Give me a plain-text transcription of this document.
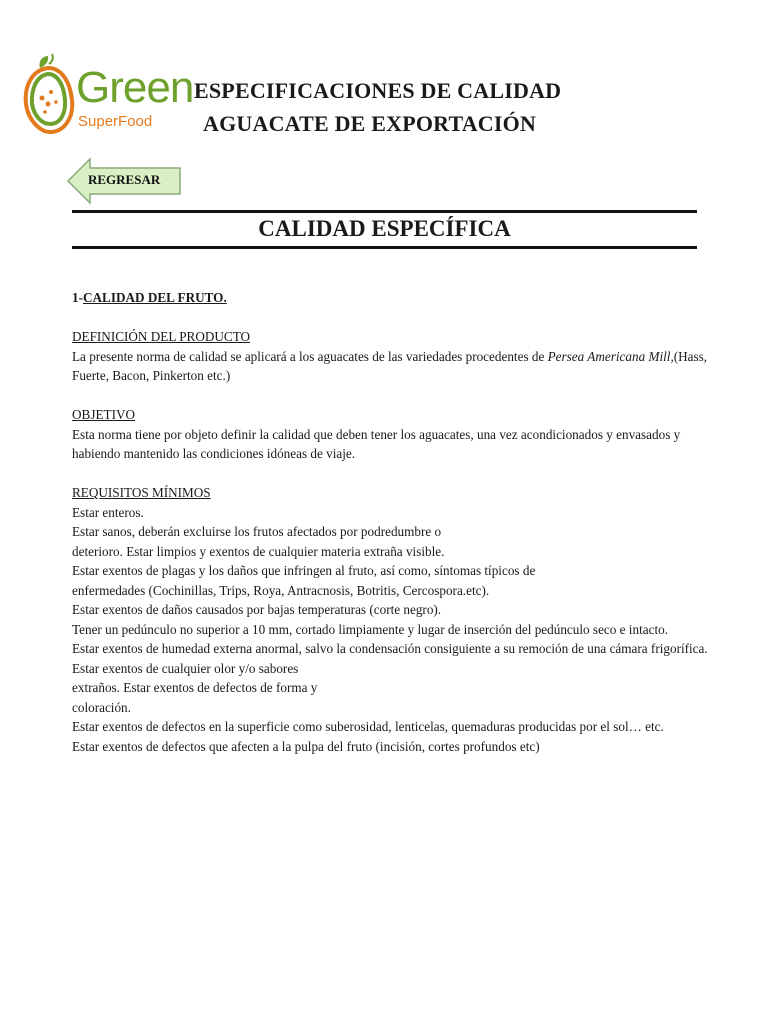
Green
SuperFood
ESPECIFICACIONES DE CALIDAD
AGUACATE DE EXPORTACIÓN
REGRESAR
CALIDAD ESPECÍFICA

1-CALIDAD DEL FRUTO.

DEFINICIÓN DEL PRODUCTO

La presente norma de calidad se aplicará a los aguacates de las variedades procedentes de Persea Americana Mill,(Hass, Fuerte, Bacon, Pinkerton etc.)

OBJETIVO

Esta norma tiene por objeto definir la calidad que deben tener los aguacates, una vez acondicionados y envasados y habiendo mantenido las condiciones idóneas de viaje.

REQUISITOS MÍNIMOS

Estar enteros.

Estar sanos, deberán excluirse los frutos afectados por podredumbre o

deterioro. Estar limpios y exentos de cualquier materia extraña visible.

Estar exentos de plagas y los daños que infringen al fruto, así como, síntomas típicos de

enfermedades (Cochinillas, Trips, Roya, Antracnosis, Botritis, Cercospora.etc).

Estar exentos de daños causados por bajas temperaturas (corte negro).

Tener un pedúnculo no superior a 10 mm, cortado limpiamente y lugar de inserción del pedúnculo seco e intacto.

Estar exentos de humedad externa anormal, salvo la condensación consiguiente a su remoción de una cámara frigorífica.

Estar exentos de cualquier olor y/o sabores

extraños. Estar exentos de defectos de forma y

coloración.

Estar exentos de defectos en la superficie como suberosidad, lenticelas, quemaduras producidas por el sol… etc.

Estar exentos de defectos que afecten a la pulpa del fruto (incisión, cortes profundos etc)
